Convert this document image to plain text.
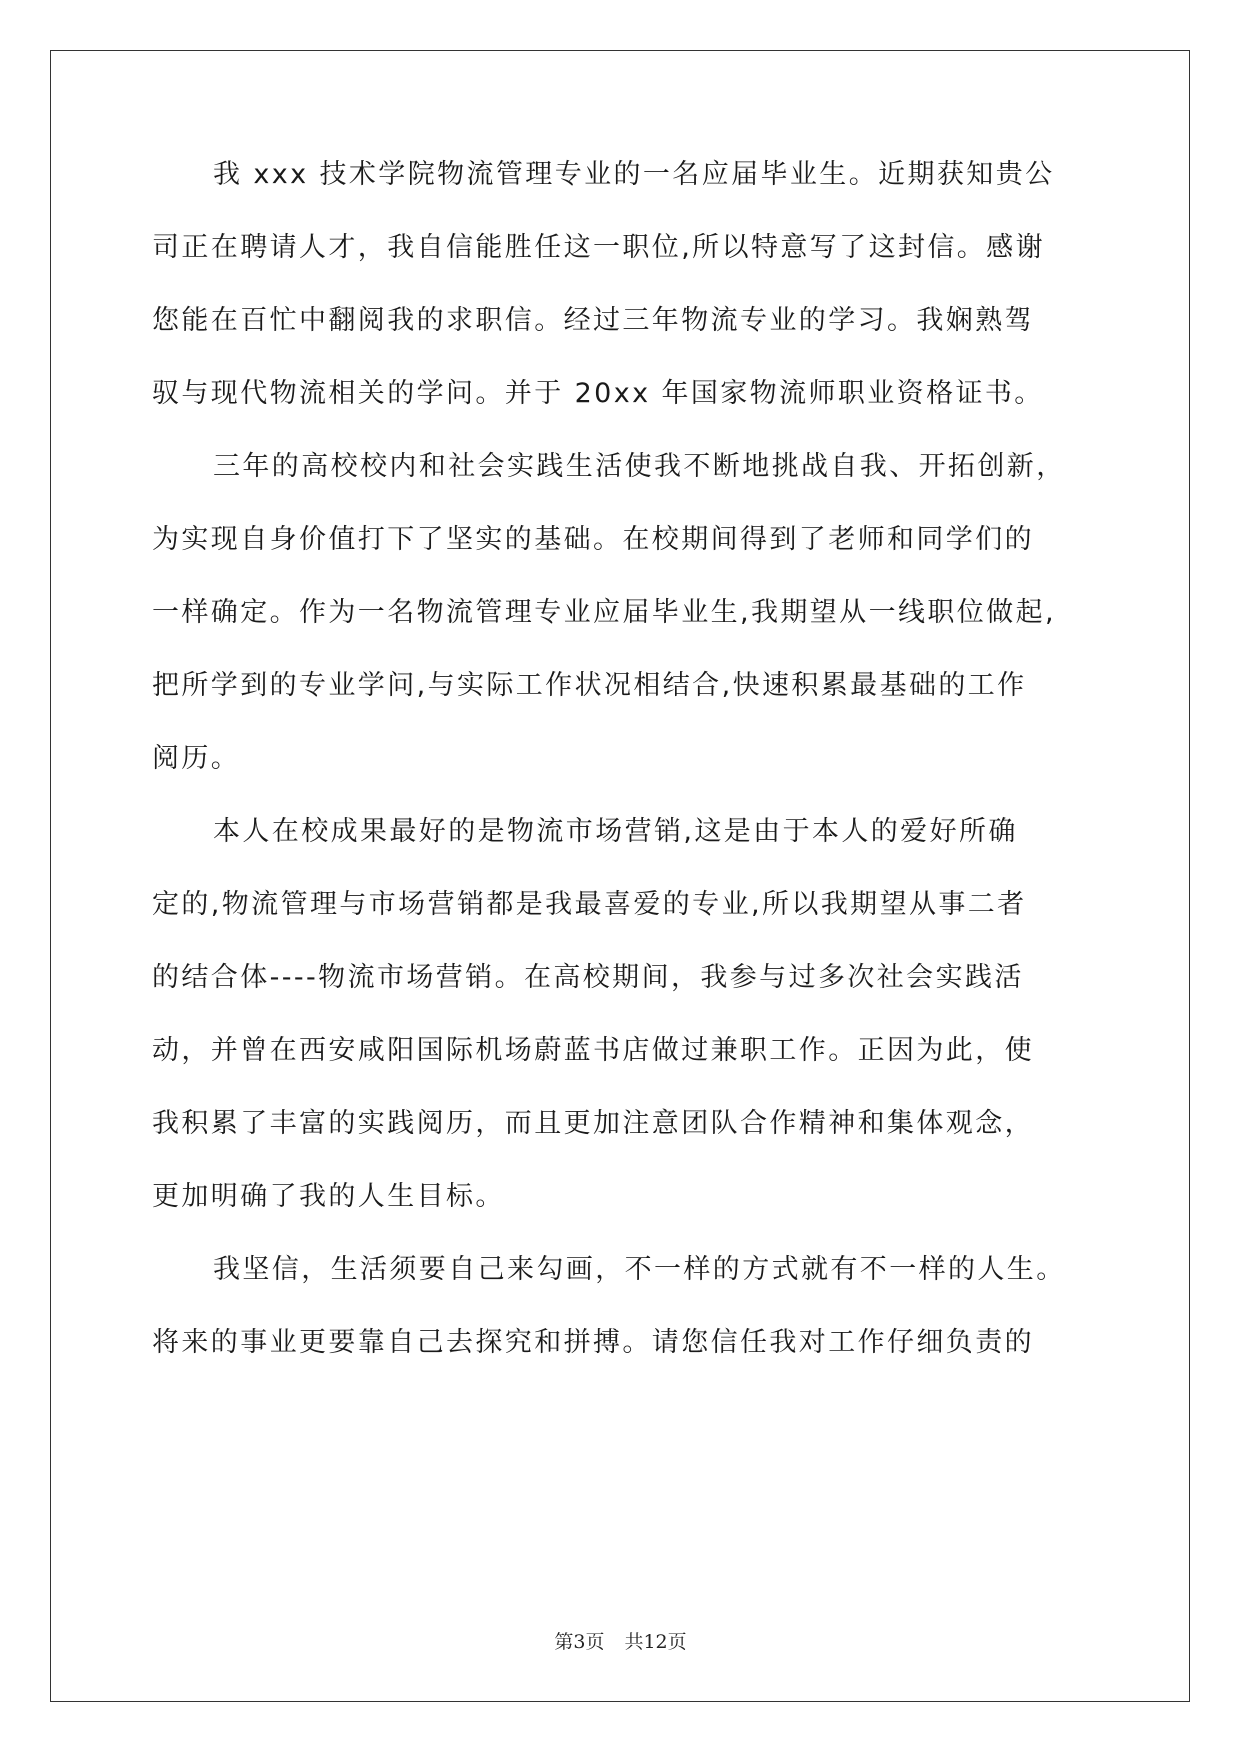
我 xxx 技术学院物流管理专业的一名应届毕业生。近期获知贵公
司正在聘请人才，我自信能胜任这一职位,所以特意写了这封信。感谢
您能在百忙中翻阅我的求职信。经过三年物流专业的学习。我娴熟驾
驭与现代物流相关的学问。并于 20xx 年国家物流师职业资格证书。
三年的高校校内和社会实践生活使我不断地挑战自我、开拓创新，
为实现自身价值打下了坚实的基础。在校期间得到了老师和同学们的
一样确定。作为一名物流管理专业应届毕业生,我期望从一线职位做起,
把所学到的专业学问,与实际工作状况相结合,快速积累最基础的工作
阅历。
本人在校成果最好的是物流市场营销,这是由于本人的爱好所确
定的,物流管理与市场营销都是我最喜爱的专业,所以我期望从事二者
的结合体----物流市场营销。在高校期间，我参与过多次社会实践活
动，并曾在西安咸阳国际机场蔚蓝书店做过兼职工作。正因为此，使
我积累了丰富的实践阅历，而且更加注意团队合作精神和集体观念，
更加明确了我的人生目标。
我坚信，生活须要自己来勾画，不一样的方式就有不一样的人生。
将来的事业更要靠自己去探究和拼搏。请您信任我对工作仔细负责的
第3页 共12页
